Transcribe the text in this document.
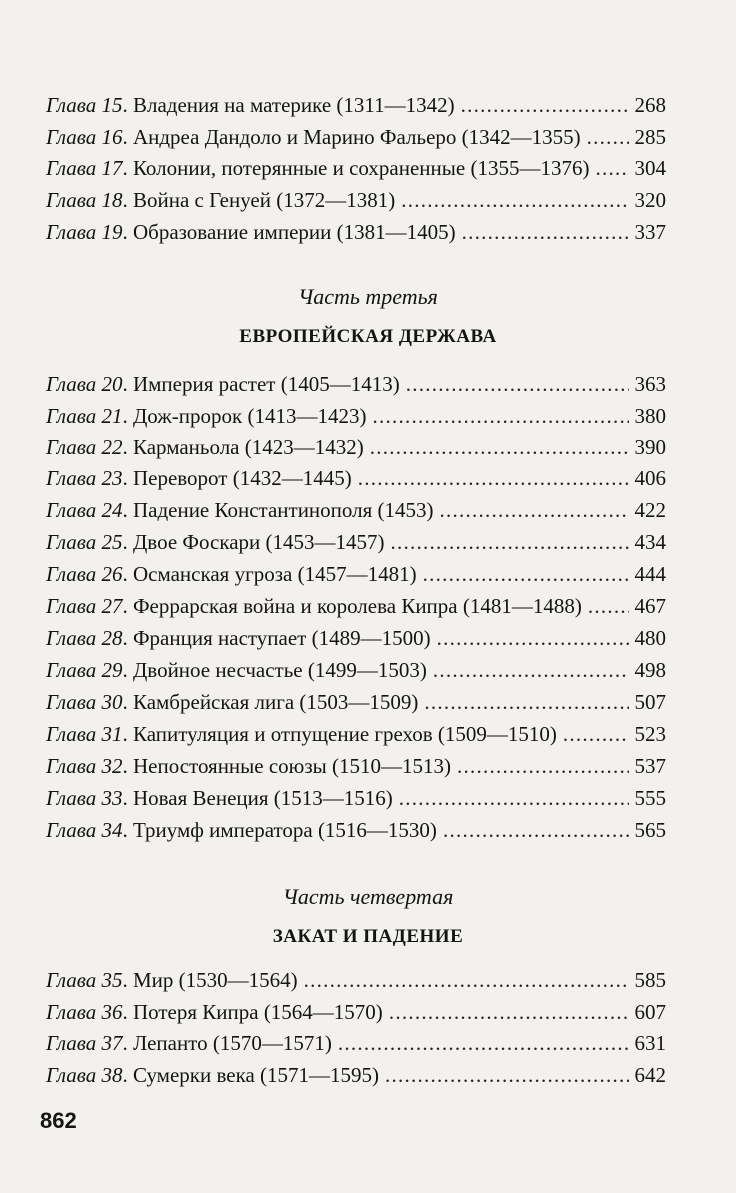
Глава 15 . Владения на материке (1311—1342) . . .	268
Глава 16 . Андреа Дандоло и Марино Фальеро (1342—1355) . . .	285
Глава 17 . Колонии, потерянные и сохраненные (1355—1376) . . . 304
Глава 18 . Война с Генуей (1372—1381) . . .	320
Глава 19 . Образование империи (1381—1405) . . .	337
Часть третья
ЕВРОПЕЙСКАЯ ДЕРЖАВА
Глава 20 . Империя растет (1405—1413) . . .	363
Глава 21 . Дож-пророк (1413—1423) . . .	380
Глава 22 . Карманьола (1423—1432) . . .	390
Глава 23 . Переворот (1432—1445) . . .	406
Глава 24 . Падение Константинополя (1453) . . .	422
Глава 25 . Двое Фоскари (1453—1457) . . .	434
Глава 26 . Османская угроза (1457—1481) . . .	444
Глава 27 . Феррарская война и королева Кипра (1481—1488) . . .	467
Глава 28 . Франция наступает (1489—1500) . . .	480
Глава 29 . Двойное несчастье (1499—1503) . . .	498
Глава 30 . Камбрейская лига (1503—1509) . . .	507
Глава 31 . Капитуляция и отпущение грехов (1509—1510) . . .	523
Глава 32 . Непостоянные союзы (1510—1513) . . .	537
Глава 33 . Новая Венеция (1513—1516) . . .	555
Глава 34 . Триумф императора (1516—1530) . . .	565
Часть четвертая
ЗАКАТ И ПАДЕНИЕ
Глава 35 . Мир (1530—1564) . . .	585
Глава 36 . Потеря Кипра (1564—1570) . . .	607
Глава 37 . Лепанто (1570—1571) . . .	631
Глава 38 . Сумерки века (1571—1595) . . .	642
862
